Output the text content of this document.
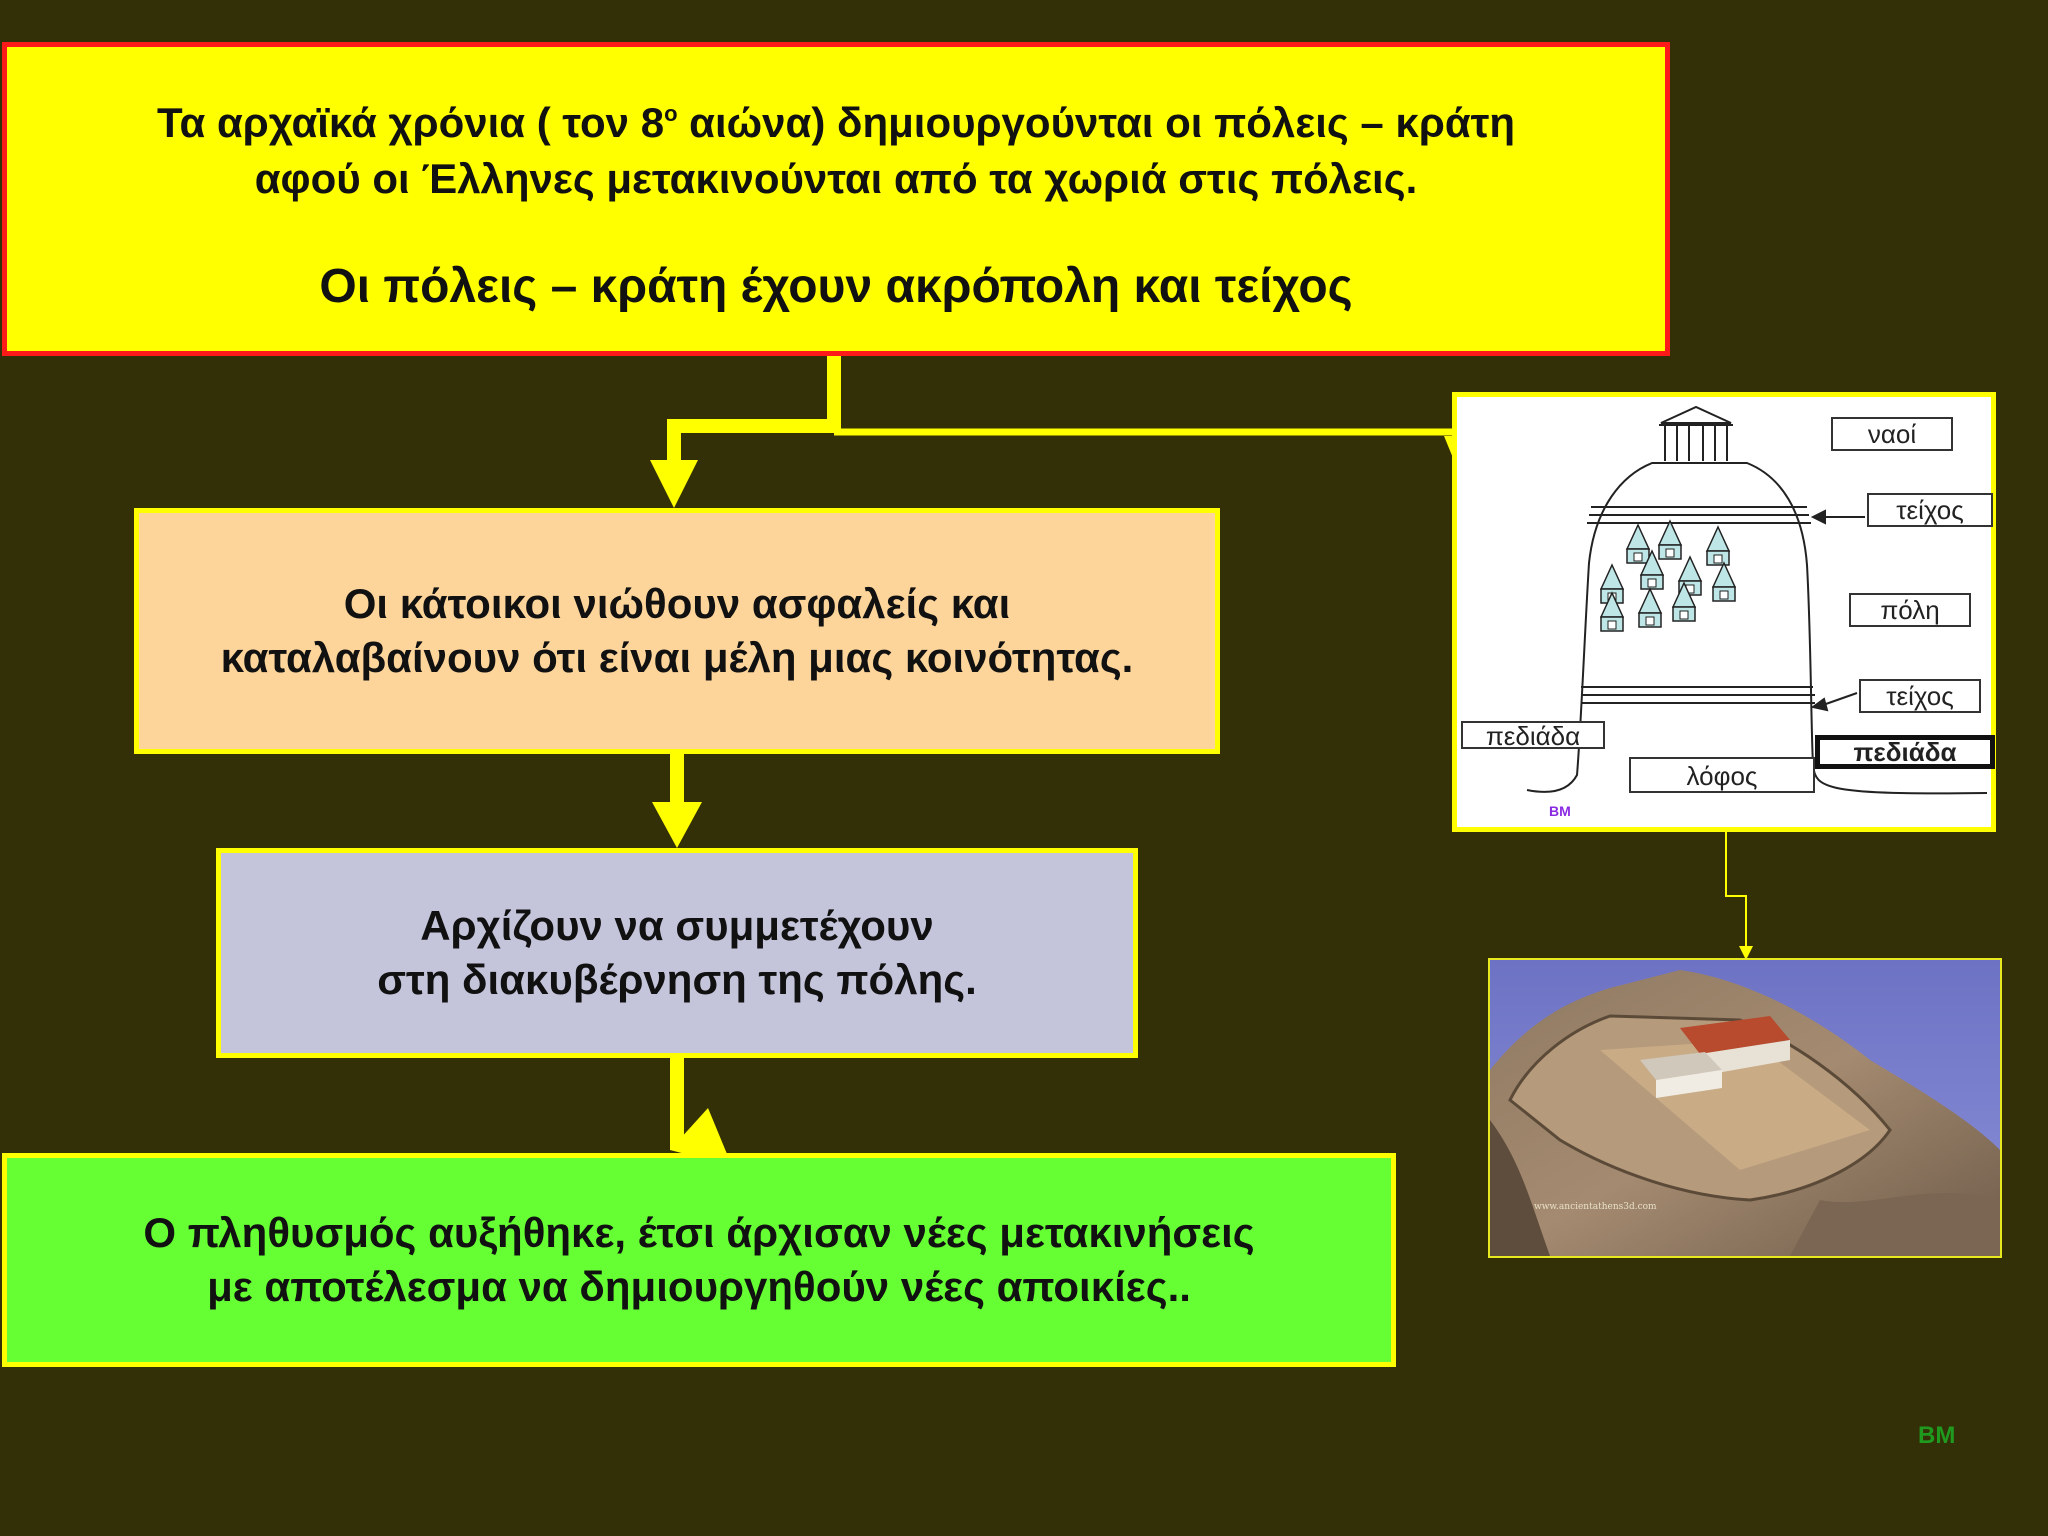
Τα αρχαϊκά χρόνια ( τον $8^o$ αιώνα) δημιουργούνται οι πόλεις – κράτη

αφού οι Έλληνες μετακινούνται από τα χωριά στις πόλεις.

Οι πόλεις – κράτη έχουν ακρόπολη και τείχος

Οι κάτοικοι νιώθουν ασφαλείς και

καταλαβαίνουν ότι είναι μέλη μιας κοινότητας.

Αρχίζουν να συμμετέχουν

στη διακυβέρνηση της πόλης.

Ο πληθυσμός αυξήθηκε, έτσι άρχισαν νέες μετακινήσεις

με αποτέλεσμα να δημιουργηθούν νέες αποικίες..

ναοί
τείχος
πόλη
τείχος
πεδιάδα
πεδιάδα
λόφος
BM
www.ancientathens3d.com
BM
